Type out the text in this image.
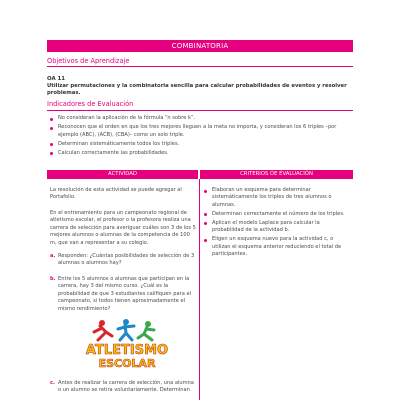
COMBINATORIA
Objetivos de Aprendizaje
OA 11
Utilizar permutaciones y la combinatoria sencilla para calcular probabilidades de eventos y resolver problemas.
Indicadores de Evaluación
No consideran la aplicación de la fórmula “n sobre k”.
Reconocen que el orden en que los tres mejores lleguen a la meta no importa, y consideran los 6 triples –por ejemplo (ABC), (ACB), (CBA)– como un solo triple.
Determinan sistemáticamente todos los triples.
Calculan correctamente las probabilidades.
ACTIVIDAD	CRITERIOS DE EVALUACIÓN
La resolución de esta actividad se puede agregar al Portafolio.
En el entrenamiento para un campeonato regional de atletismo escolar, el profesor o la profesora realiza una carrera de selección para averiguar cuáles son 3 de los 5 mejores alumnos o alumnas de la competencia de 100 m, que van a representar a su colegio.
a. Responden: ¿Cuántas posibilidades de selección de 3 alumnas o alumnos hay?
b. Entre los 5 alumnos o alumnas que participan en la carrera, hay 3 del mismo curso. ¿Cuál es la probabilidad de que 3 estudiantes califiquen para el campeonato, si todos tienen aproximadamente el mismo rendimiento?
c. Antes de realizar la carrera de selección, una alumna o un alumno se retira voluntariamente. Determinan
Elaboran un esquema para determinar sistemáticamente los triples de tres alumnos o alumnas.
Determinan correctamente el número de los triples.
Aplican el modelo Laplace para calcular la probabilidad de la actividad b.
Eligen un esquema nuevo para la actividad c, o utilizan el esquema anterior reduciendo el total de participantes.
ATLETISMO
ESCOLAR
